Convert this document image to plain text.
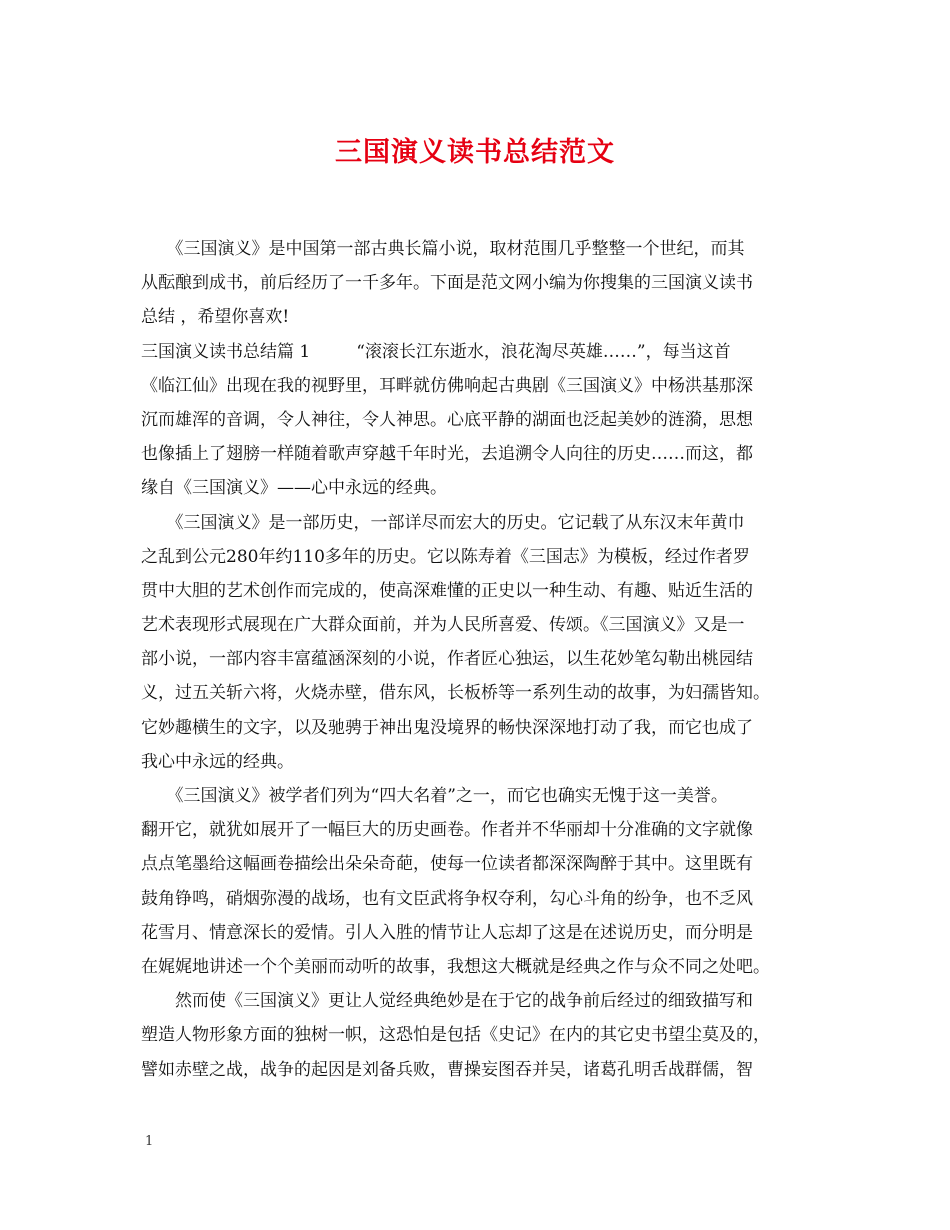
三国演义读书总结范文
　　《三国演义》是中国第一部古典长篇小说，取材范围几乎整整一个世纪，而其
从酝酿到成书，前后经历了一千多年。下面是范文网小编为你搜集的三国演义读书
总结 ，希望你喜欢!
三国演义读书总结篇 1	“滚滚长江东逝水，浪花淘尽英雄……”，每当这首
《临江仙》出现在我的视野里，耳畔就仿佛响起古典剧《三国演义》中杨洪基那深
沉而雄浑的音调，令人神往，令人神思。心底平静的湖面也泛起美妙的涟漪，思想
也像插上了翅膀一样随着歌声穿越千年时光，去追溯令人向往的历史……而这，都
缘自《三国演义》——心中永远的经典。
　　《三国演义》是一部历史，一部详尽而宏大的历史。它记载了从东汉末年黄巾
之乱到公元280年约110多年的历史。它以陈寿着《三国志》为模板，经过作者罗
贯中大胆的艺术创作而完成的，使高深难懂的正史以一种生动、有趣、贴近生活的
艺术表现形式展现在广大群众面前，并为人民所喜爱、传颂。《三国演义》又是一
部小说，一部内容丰富蕴涵深刻的小说，作者匠心独运，以生花妙笔勾勒出桃园结
义，过五关斩六将，火烧赤壁，借东风，长板桥等一系列生动的故事，为妇孺皆知。
它妙趣横生的文字，以及驰骋于神出鬼没境界的畅快深深地打动了我，而它也成了
我心中永远的经典。
　　《三国演义》被学者们列为“四大名着”之一，而它也确实无愧于这一美誉。
翻开它，就犹如展开了一幅巨大的历史画卷。作者并不华丽却十分准确的文字就像
点点笔墨给这幅画卷描绘出朵朵奇葩，使每一位读者都深深陶醉于其中。这里既有
鼓角铮鸣，硝烟弥漫的战场，也有文臣武将争权夺利，勾心斗角的纷争，也不乏风
花雪月、情意深长的爱情。引人入胜的情节让人忘却了这是在述说历史，而分明是
在娓娓地讲述一个个美丽而动听的故事，我想这大概就是经典之作与众不同之处吧。
　　然而使《三国演义》更让人觉经典绝妙是在于它的战争前后经过的细致描写和
塑造人物形象方面的独树一帜，这恐怕是包括《史记》在内的其它史书望尘莫及的，
譬如赤壁之战，战争的起因是刘备兵败，曹操妄图吞并吴，诸葛孔明舌战群儒，智
1
